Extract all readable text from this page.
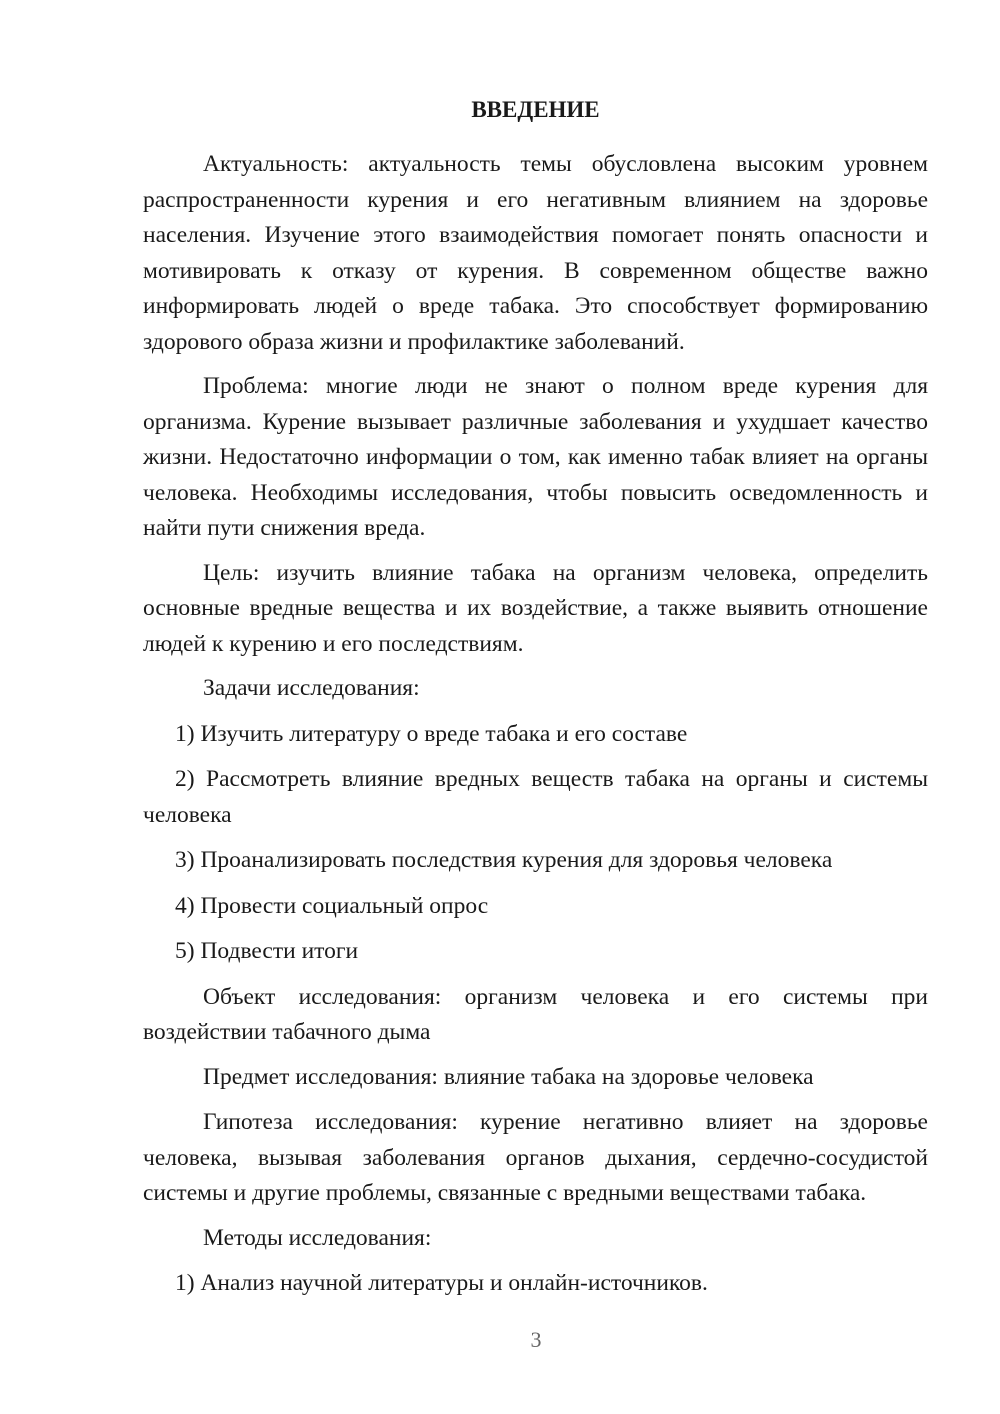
ВВЕДЕНИЕ

Актуальность: актуальность темы обусловлена высоким уровнем распространенности курения и его негативным влиянием на здоровье населения. Изучение этого взаимодействия помогает понять опасности и мотивировать к отказу от курения. В современном обществе важно информировать людей о вреде табака. Это способствует формированию здорового образа жизни и профилактике заболеваний.

Проблема: многие люди не знают о полном вреде курения для организма. Курение вызывает различные заболевания и ухудшает качество жизни. Недостаточно информации о том, как именно табак влияет на органы человека. Необходимы исследования, чтобы повысить осведомленность и найти пути снижения вреда.

Цель: изучить влияние табака на организм человека, определить основные вредные вещества и их воздействие, а также выявить отношение людей к курению и его последствиям.

Задачи исследования:

1) Изучить литературу о вреде табака и его составе

2) Рассмотреть влияние вредных веществ табака на органы и системы человека

3) Проанализировать последствия курения для здоровья человека

4) Провести социальный опрос

5) Подвести итоги

Объект исследования: организм человека и его системы при воздействии табачного дыма

Предмет исследования: влияние табака на здоровье человека

Гипотеза исследования: курение негативно влияет на здоровье человека, вызывая заболевания органов дыхания, сердечно-сосудистой системы и другие проблемы, связанные с вредными веществами табака.

Методы исследования:

1) Анализ научной литературы и онлайн-источников.

3
